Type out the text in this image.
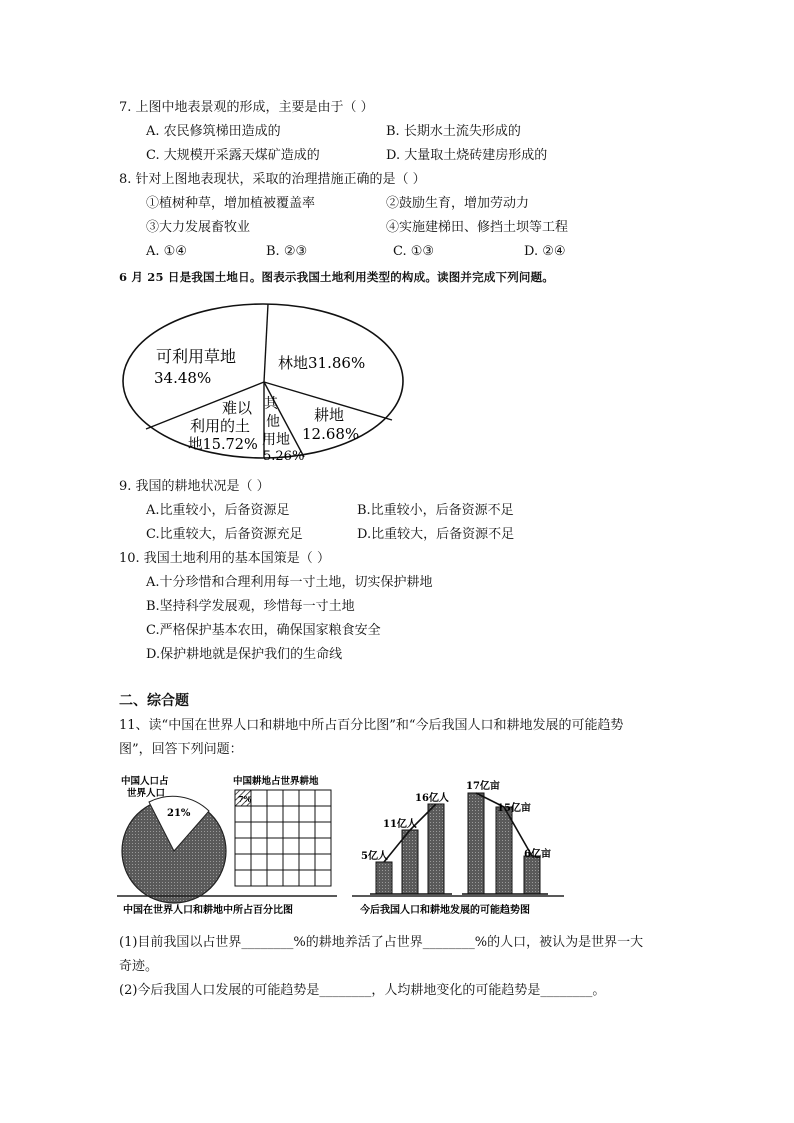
7. 上图中地表景观的形成，主要是由于（ ）
A. 农民修筑梯田造成的	B. 长期水土流失形成的
C. 大规模开采露天煤矿造成的	D. 大量取土烧砖建房形成的
8. 针对上图地表现状，采取的治理措施正确的是（ ）
①植树种草，增加植被覆盖率	②鼓励生育，增加劳动力
③大力发展畜牧业	④实施建梯田、修挡土坝等工程
A. ①④	B. ②③	C. ①③	D. ②④
6 月 25 日是我国土地日。图表示我国土地利用类型的构成。读图并完成下列问题。
可利用草地
34.48%
林地31.86%
耕地
12.68%
难以
利用的土
地15.72%
其
他
用地
5.26%
9. 我国的耕地状况是（ ）
A.比重较小，后备资源足	B.比重较小，后备资源不足
C.比重较大，后备资源充足	D.比重较大，后备资源不足
10. 我国土地利用的基本国策是（ ）
A.十分珍惜和合理利用每一寸土地，切实保护耕地
B.坚持科学发展观，珍惜每一寸土地
C.严格保护基本农田，确保国家粮食安全
D.保护耕地就是保护我们的生命线
二、综合题
11、读“中国在世界人口和耕地中所占百分比图”和“今后我国人口和耕地发展的可能趋势
图”，回答下列问题：
中国人口占
世界人口
21%
中国耕地占世界耕地
7%
中国在世界人口和耕地中所占百分比图
5亿人
11亿人
16亿人
17亿亩
15亿亩
6亿亩
今后我国人口和耕地发展的可能趋势图
(1)目前我国以占世界________%的耕地养活了占世界________%的人口，被认为是世界一大
奇迹。
(2)今后我国人口发展的可能趋势是________，人均耕地变化的可能趋势是________。
